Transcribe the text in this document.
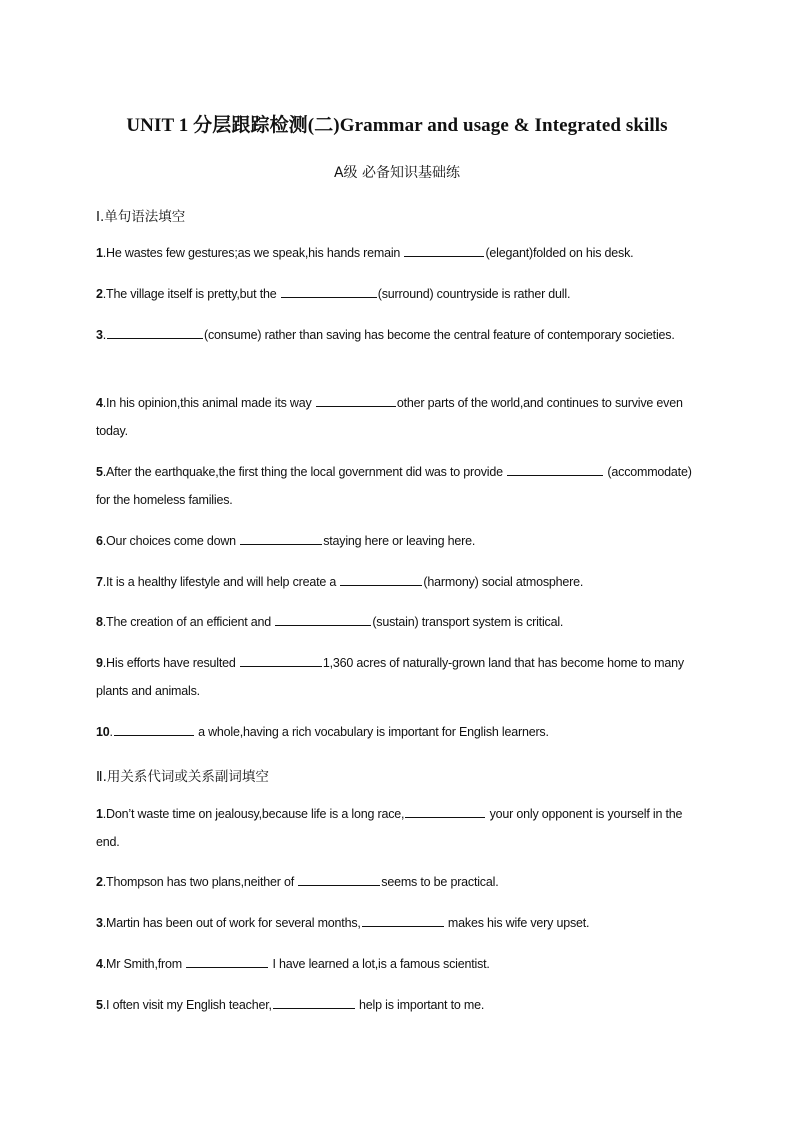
UNIT 1 分层跟踪检测(二)Grammar and usage & Integrated skills
A级 必备知识基础练
Ⅰ.单句语法填空
1.He wastes few gestures;as we speak,his hands remain	(elegant)folded on his desk.
2.The village itself is pretty,but the	(surround) countryside is rather dull.
3.	(consume) rather than saving has become the central feature of contemporary societies.
4.In his opinion,this animal made its way	other parts of the world,and continues to survive even today.
5.After the earthquake,the first thing the local government did was to provide	(accommodate) for the homeless families.
6.Our choices come down	staying here or leaving here.
7.It is a healthy lifestyle and will help create a	(harmony) social atmosphere.
8.The creation of an efficient and	(sustain) transport system is critical.
9.His efforts have resulted	1,360 acres of naturally-grown land that has become home to many plants and animals.
10.	a whole,having a rich vocabulary is important for English learners.
Ⅱ.用关系代词或关系副词填空
1.Don’t waste time on jealousy,because life is a long race,	your only opponent is yourself in the end.
2.Thompson has two plans,neither of	seems to be practical.
3.Martin has been out of work for several months,	makes his wife very upset.
4.Mr Smith,from	I have learned a lot,is a famous scientist.
5.I often visit my English teacher,	help is important to me.
